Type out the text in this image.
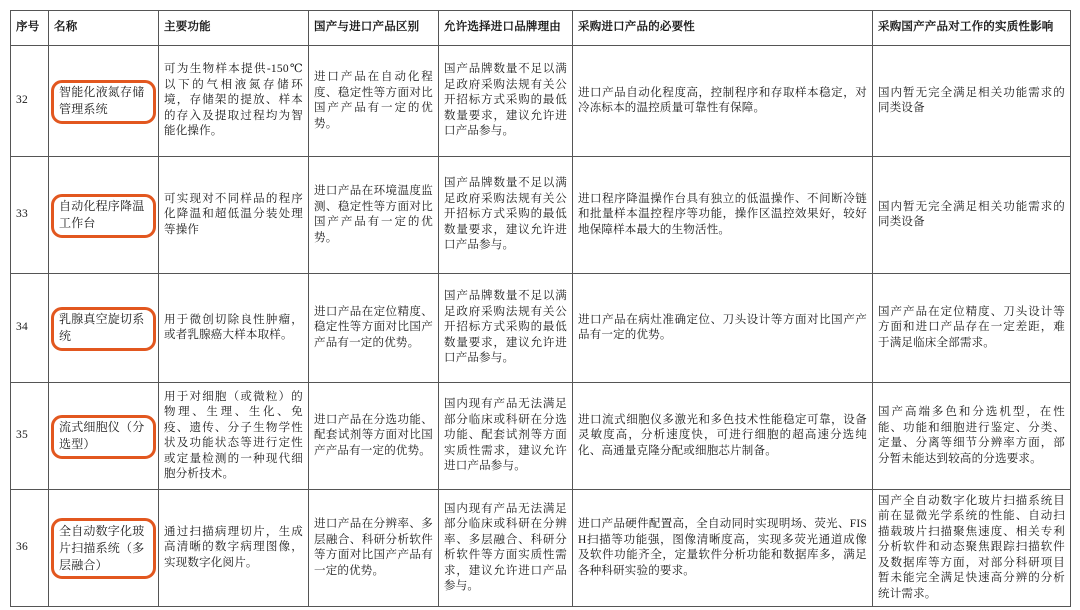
序号	名称	主要功能	国产与进口产品区别	允许选择进口品牌理由	采购进口产品的必要性	采购国产产品对工作的实质性影响
32	智能化液氮存储管理系统	可为生物样本提供-150℃以下的气相液氮存储环境，存储架的提放、样本的存入及提取过程均为智能化操作。	进口产品在自动化程度、稳定性等方面对比国产产品有一定的优势。	国产品牌数量不足以满足政府采购法规有关公开招标方式采购的最低数量要求，建议允许进口产品参与。	进口产品自动化程度高，控制程序和存取样本稳定，对冷冻标本的温控质量可靠性有保障。	国内暂无完全满足相关功能需求的同类设备

33	自动化程序降温工作台	可实现对不同样品的程序化降温和超低温分装处理等操作	进口产品在环境温度监测、稳定性等方面对比国产产品有一定的优势。	国产品牌数量不足以满足政府采购法规有关公开招标方式采购的最低数量要求，建议允许进口产品参与。	进口程序降温操作台具有独立的低温操作、不间断冷链和批量样本温控程序等功能，操作区温控效果好，较好地保障样本最大的生物活性。	国内暂无完全满足相关功能需求的同类设备

34	乳腺真空旋切系统	用于微创切除良性肿瘤，或者乳腺癌大样本取样。	进口产品在定位精度、稳定性等方面对比国产产品有一定的优势。	国产品牌数量不足以满足政府采购法规有关公开招标方式采购的最低数量要求，建议允许进口产品参与。	进口产品在病灶准确定位、刀头设计等方面对比国产产品有一定的优势。	国产产品在定位精度、刀头设计等方面和进口产品存在一定差距，难于满足临床全部需求。

35	流式细胞仪（分选型）	用于对细胞（或微粒）的物理、生理、生化、免疫、遗传、分子生物学性状及功能状态等进行定性或定量检测的一种现代细胞分析技术。	进口产品在分选功能、配套试剂等方面对比国产产品有一定的优势。	国内现有产品无法满足部分临床或科研在分选功能、配套试剂等方面实质性需求，建议允许进口产品参与。	进口流式细胞仪多激光和多色技术性能稳定可靠，设备灵敏度高，分析速度快，可进行细胞的超高速分选纯化、高通量克隆分配或细胞芯片制备。	国产高端多色和分选机型，在性能、功能和细胞进行鉴定、分类、定量、分离等细节分辨率方面，部分暂未能达到较高的分选要求。

36	全自动数字化玻片扫描系统（多层融合）	通过扫描病理切片，生成高清晰的数字病理图像，实现数字化阅片。	进口产品在分辨率、多层融合、科研分析软件等方面对比国产产品有一定的优势。	国内现有产品无法满足部分临床或科研在分辨率、多层融合、科研分析软件等方面实质性需求，建议允许进口产品参与。	进口产品硬件配置高，全自动同时实现明场、荧光、FISH扫描等功能强，图像清晰度高，实现多荧光通道成像及软件功能齐全，定量软件分析功能和数据库多，满足各种科研实验的要求。	国产全自动数字化玻片扫描系统目前在显微光学系统的性能、自动扫描载玻片扫描聚焦速度、相关专利分析软件和动态聚焦跟踪扫描软件及数据库等方面，对部分科研项目暂未能完全满足快速高分辨的分析统计需求。
